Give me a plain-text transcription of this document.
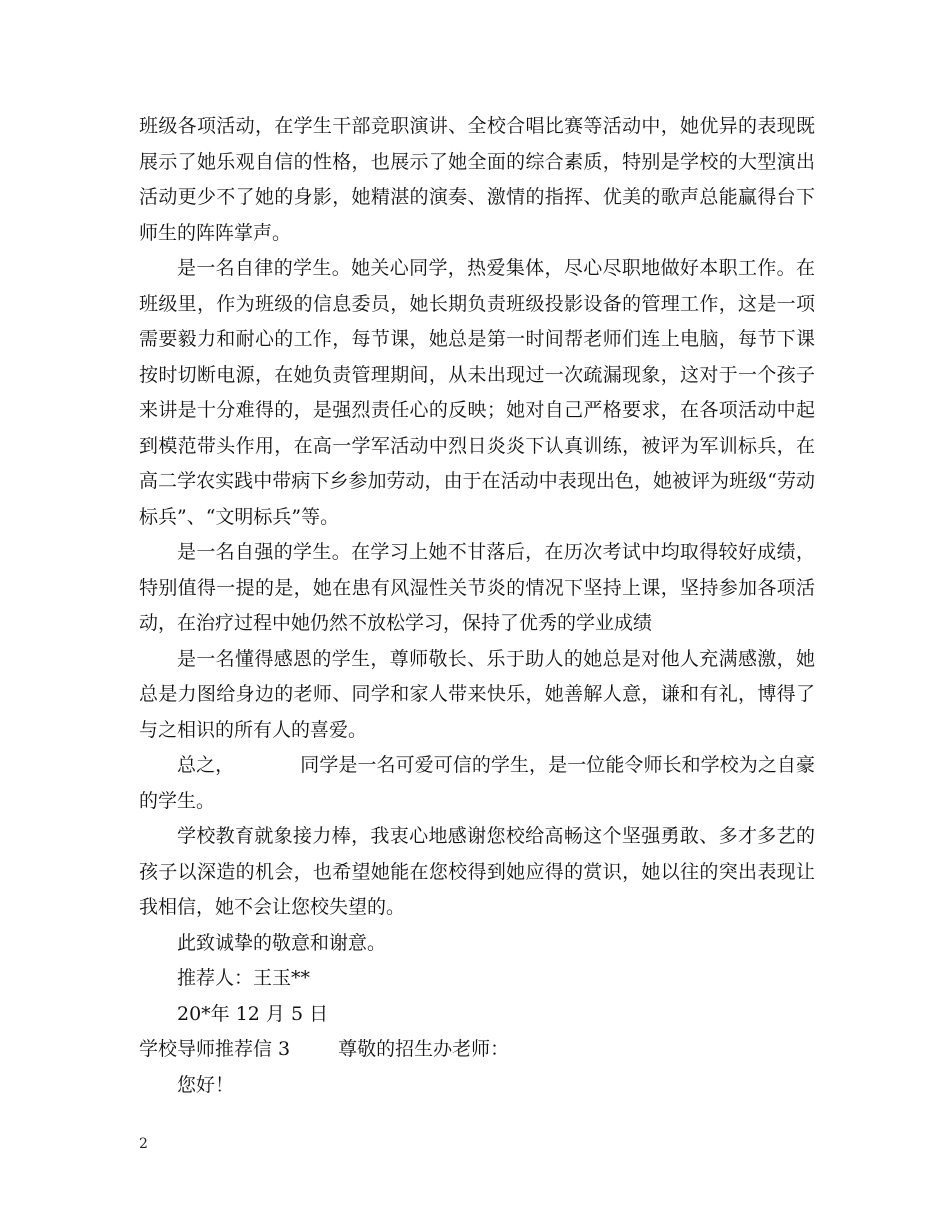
班级各项活动，在学生干部竞职演讲、全校合唱比赛等活动中，她优异的表现既展示了她乐观自信的性格，也展示了她全面的综合素质，特别是学校的大型演出活动更少不了她的身影，她精湛的演奏、激情的指挥、优美的歌声总能赢得台下师生的阵阵掌声。

是一名自律的学生。她关心同学，热爱集体，尽心尽职地做好本职工作。在班级里，作为班级的信息委员，她长期负责班级投影设备的管理工作，这是一项需要毅力和耐心的工作，每节课，她总是第一时间帮老师们连上电脑，每节下课按时切断电源，在她负责管理期间，从未出现过一次疏漏现象，这对于一个孩子来讲是十分难得的，是强烈责任心的反映；她对自己严格要求，在各项活动中起到模范带头作用，在高一学军活动中烈日炎炎下认真训练，被评为军训标兵，在高二学农实践中带病下乡参加劳动，由于在活动中表现出色，她被评为班级“劳动标兵”、“文明标兵”等。

是一名自强的学生。在学习上她不甘落后，在历次考试中均取得较好成绩，特别值得一提的是，她在患有风湿性关节炎的情况下坚持上课，坚持参加各项活动，在治疗过程中她仍然不放松学习，保持了优秀的学业成绩

是一名懂得感恩的学生，尊师敬长、乐于助人的她总是对他人充满感激，她总是力图给身边的老师、同学和家人带来快乐，她善解人意，谦和有礼，博得了与之相识的所有人的喜爱。

总之，	同学是一名可爱可信的学生，是一位能令师长和学校为之自豪的学生。

学校教育就象接力棒，我衷心地感谢您校给高畅这个坚强勇敢、多才多艺的孩子以深造的机会，也希望她能在您校得到她应得的赏识，她以往的突出表现让我相信，她不会让您校失望的。

此致诚挚的敬意和谢意。

推荐人：王玉**

20*年 12 月 5 日

学校导师推荐信 3	尊敬的招生办老师：

您好！

2
